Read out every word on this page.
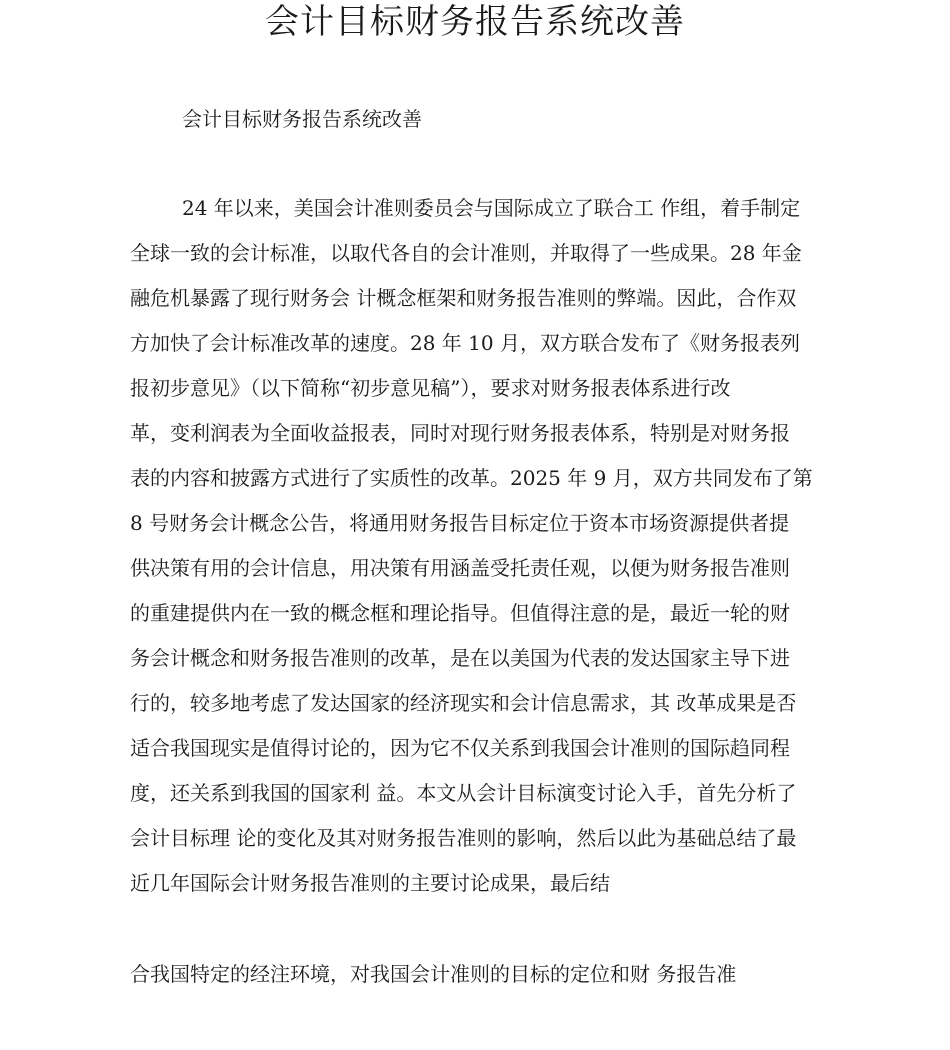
会计目标财务报告系统改善
会计目标财务报告系统改善
24 年以来，美国会计准则委员会与国际成立了联合工 作组，着手制定
全球一致的会计标准，以取代各自的会计准则，并取得了一些成果。28 年金
融危机暴露了现行财务会 计概念框架和财务报告准则的弊端。因此，合作双
方加快了会计标准改革的速度。28 年 10 月，双方联合发布了《财务报表列
报初步意见》（以下简称“初步意见稿”），要求对财务报表体系进行改
革，变利润表为全面收益报表，同时对现行财务报表体系，特别是对财务报
表的内容和披露方式进行了实质性的改革。2025 年 9 月，双方共同发布了第
8 号财务会计概念公告，将通用财务报告目标定位于资本市场资源提供者提
供决策有用的会计信息，用决策有用涵盖受托责任观，以便为财务报告准则
的重建提供内在一致的概念框和理论指导。但值得注意的是，最近一轮的财
务会计概念和财务报告准则的改革，是在以美国为代表的发达国家主导下进
行的，较多地考虑了发达国家的经济现实和会计信息需求，其 改革成果是否
适合我国现实是值得讨论的，因为它不仅关系到我国会计准则的国际趋同程
度，还关系到我国的国家利 益。本文从会计目标演变讨论入手，首先分析了
会计目标理 论的变化及其对财务报告准则的影响，然后以此为基础总结了最
近几年国际会计财务报告准则的主要讨论成果，最后结
合我国特定的经注环境，对我国会计准则的目标的定位和财 务报告准
